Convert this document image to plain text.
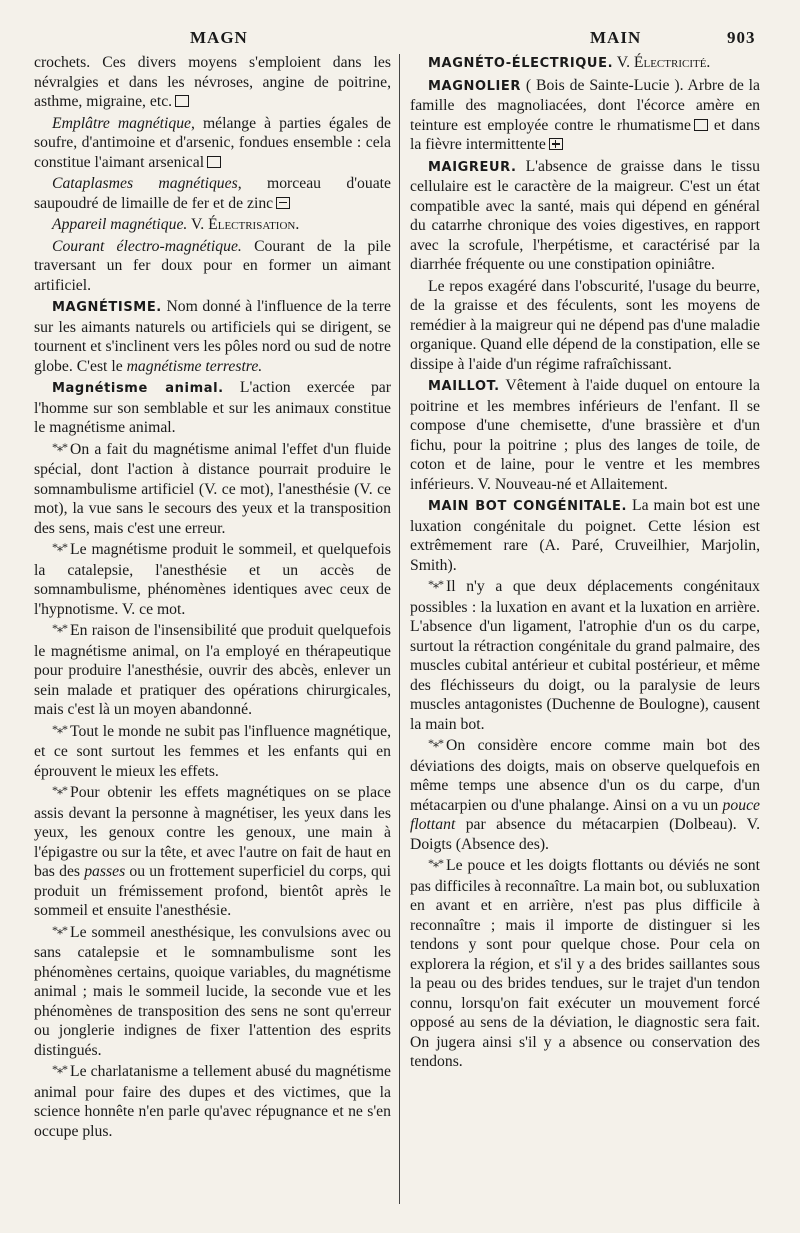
MAGN	MAIN	903

crochets. Ces divers moyens s'emploient dans les névralgies et dans les névroses, angine de poitrine, asthme, migraine, etc.

Emplâtre magnétique, mélange à parties égales de soufre, d'antimoine et d'arsenic, fondues ensemble : cela constitue l'aimant arsenical

Cataplasmes magnétiques, morceau d'ouate saupoudré de limaille de fer et de zinc

Appareil magnétique. V. Électrisation.

Courant électro-magnétique. Courant de la pile traversant un fer doux pour en former un aimant artificiel.

MAGNÉTISME. Nom donné à l'influence de la terre sur les aimants naturels ou artificiels qui se dirigent, se tournent et s'inclinent vers les pôles nord ou sud de notre globe. C'est le magnétisme terrestre.

Magnétisme animal. L'action exercée par l'homme sur son semblable et sur les animaux constitue le magnétisme animal.

*⁎* On a fait du magnétisme animal l'effet d'un fluide spécial, dont l'action à distance pourrait produire le somnambulisme artificiel (V. ce mot), l'anesthésie (V. ce mot), la vue sans le secours des yeux et la transposition des sens, mais c'est une erreur.

*⁎* Le magnétisme produit le sommeil, et quelquefois la catalepsie, l'anesthésie et un accès de somnambulisme, phénomènes identiques avec ceux de l'hypnotisme. V. ce mot.

*⁎* En raison de l'insensibilité que produit quelquefois le magnétisme animal, on l'a employé en thérapeutique pour produire l'anesthésie, ouvrir des abcès, enlever un sein malade et pratiquer des opérations chirurgicales, mais c'est là un moyen abandonné.

*⁎* Tout le monde ne subit pas l'influence magnétique, et ce sont surtout les femmes et les enfants qui en éprouvent le mieux les effets.

*⁎* Pour obtenir les effets magnétiques on se place assis devant la personne à magnétiser, les yeux dans les yeux, les genoux contre les genoux, une main à l'épigastre ou sur la tête, et avec l'autre on fait de haut en bas des passes ou un frottement superficiel du corps, qui produit un frémissement profond, bientôt après le sommeil et ensuite l'anesthésie.

*⁎* Le sommeil anesthésique, les convulsions avec ou sans catalepsie et le somnambulisme sont les phénomènes certains, quoique variables, du magnétisme animal ; mais le sommeil lucide, la seconde vue et les phénomènes de transposition des sens ne sont qu'erreur ou jonglerie indignes de fixer l'attention des esprits distingués.

*⁎* Le charlatanisme a tellement abusé du magnétisme animal pour faire des dupes et des victimes, que la science honnête n'en parle qu'avec répugnance et ne s'en occupe plus.

MAGNÉTO-ÉLECTRIQUE. V. Électricité.

MAGNOLIER ( Bois de Sainte-Lucie ). Arbre de la famille des magnoliacées, dont l'écorce amère en teinture est employée contre le rhumatisme et dans la fièvre intermittente

MAIGREUR. L'absence de graisse dans le tissu cellulaire est le caractère de la maigreur. C'est un état compatible avec la santé, mais qui dépend en général du catarrhe chronique des voies digestives, en rapport avec la scrofule, l'herpétisme, et caractérisé par la diarrhée fréquente ou une constipation opiniâtre.

Le repos exagéré dans l'obscurité, l'usage du beurre, de la graisse et des féculents, sont les moyens de remédier à la maigreur qui ne dépend pas d'une maladie organique. Quand elle dépend de la constipation, elle se dissipe à l'aide d'un régime rafraîchissant.

MAILLOT. Vêtement à l'aide duquel on entoure la poitrine et les membres inférieurs de l'enfant. Il se compose d'une chemisette, d'une brassière et d'un fichu, pour la poitrine ; plus des langes de toile, de coton et de laine, pour le ventre et les membres inférieurs. V. Nouveau-né et Allaitement.

MAIN BOT CONGÉNITALE. La main bot est une luxation congénitale du poignet. Cette lésion est extrêmement rare (A. Paré, Cruveilhier, Marjolin, Smith).

*⁎* Il n'y a que deux déplacements congénitaux possibles : la luxation en avant et la luxation en arrière. L'absence d'un ligament, l'atrophie d'un os du carpe, surtout la rétraction congénitale du grand palmaire, des muscles cubital antérieur et cubital postérieur, et même des fléchisseurs du doigt, ou la paralysie de leurs muscles antagonistes (Duchenne de Boulogne), causent la main bot.

*⁎* On considère encore comme main bot des déviations des doigts, mais on observe quelquefois en même temps une absence d'un os du carpe, d'un métacarpien ou d'une phalange. Ainsi on a vu un pouce flottant par absence du métacarpien (Dolbeau). V. Doigts (Absence des).

*⁎* Le pouce et les doigts flottants ou déviés ne sont pas difficiles à reconnaître. La main bot, ou subluxation en avant et en arrière, n'est pas plus difficile à reconnaître ; mais il importe de distinguer si les tendons y sont pour quelque chose. Pour cela on explorera la région, et s'il y a des brides saillantes sous la peau ou des brides tendues, sur le trajet d'un tendon connu, lorsqu'on fait exécuter un mouvement forcé opposé au sens de la déviation, le diagnostic sera fait. On jugera ainsi s'il y a absence ou conservation des tendons.
